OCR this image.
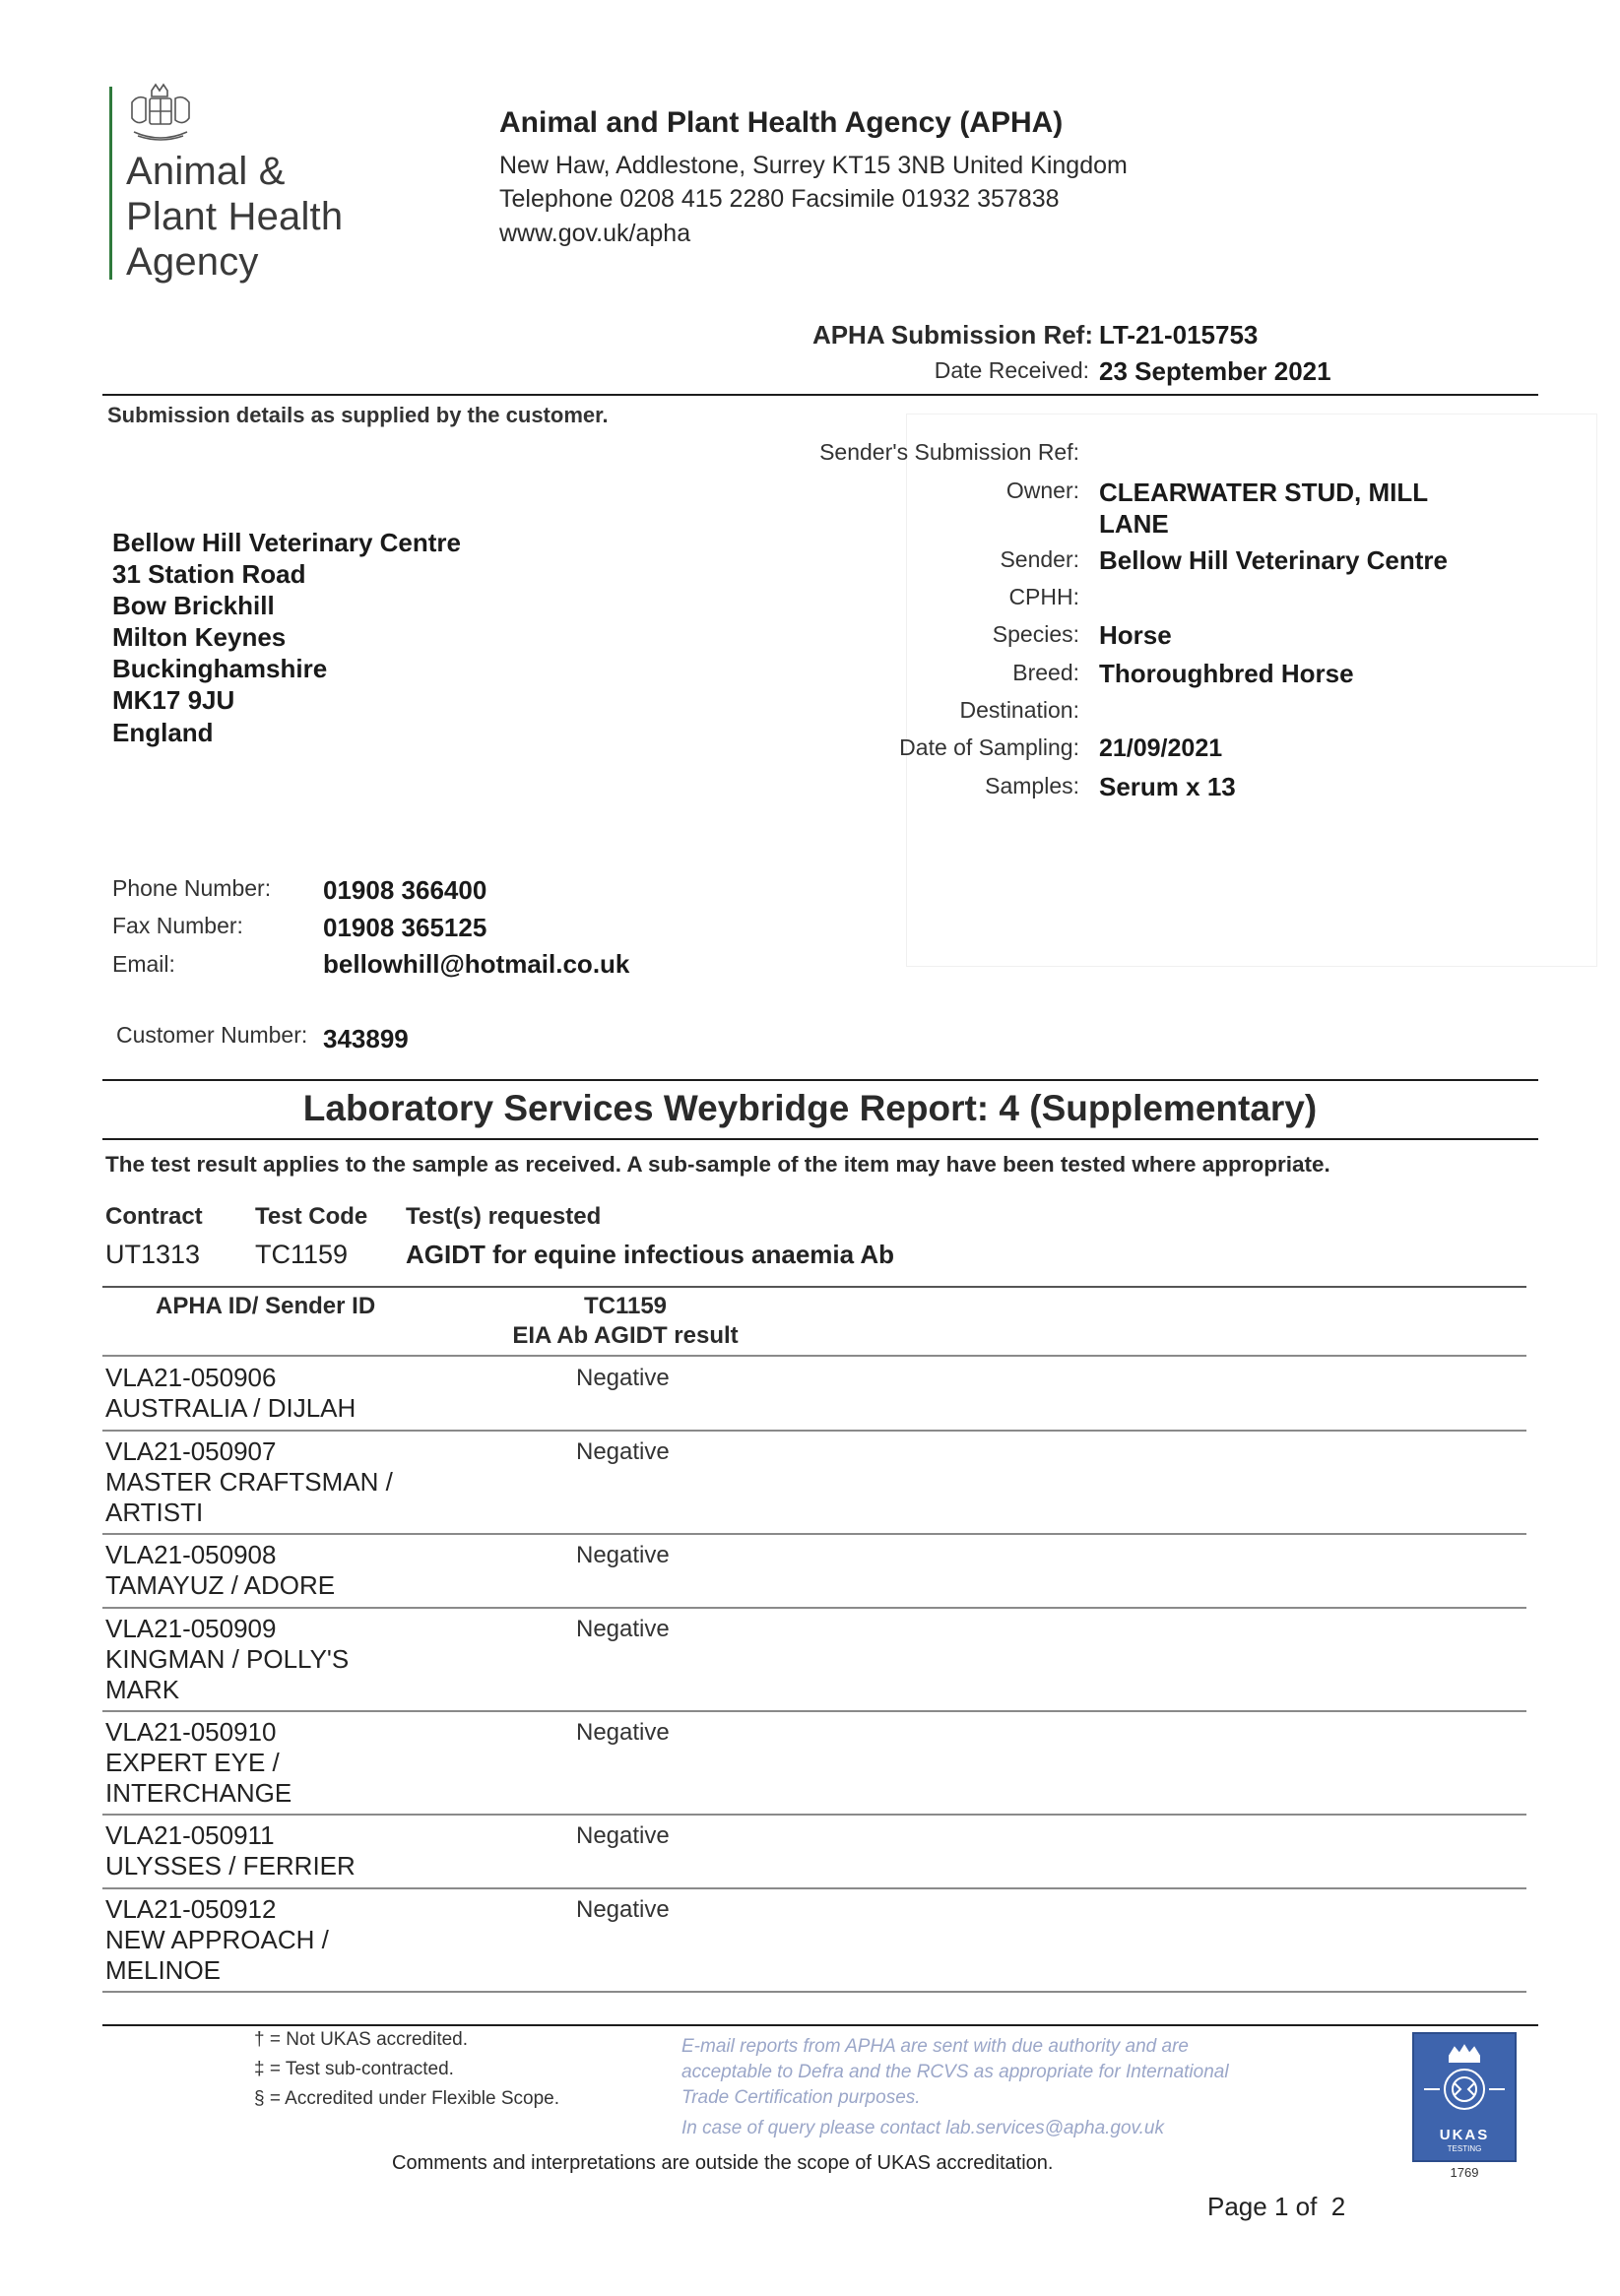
Animal &
Plant Health
Agency
Animal and Plant Health Agency (APHA)
New Haw, Addlestone, Surrey KT15 3NB United Kingdom
Telephone 0208 415 2280 Facsimile 01932 357838
www.gov.uk/apha
APHA Submission Ref: LT-21-015753
Date Received: 23 September 2021
Submission details as supplied by the customer.
Sender's Submission Ref:
Owner: CLEARWATER STUD, MILL LANE
Sender: Bellow Hill Veterinary Centre
CPHH:
Species: Horse
Breed: Thoroughbred Horse
Destination:
Date of Sampling: 21/09/2021
Samples: Serum x 13
Bellow Hill Veterinary Centre
31 Station Road
Bow Brickhill
Milton Keynes
Buckinghamshire
MK17 9JU
England
Phone Number: 01908 366400
Fax Number:	01908 365125
Email:	bellowhill@hotmail.co.uk
Customer Number: 343899
Laboratory Services Weybridge Report: 4 (Supplementary)
The test result applies to the sample as received. A sub-sample of the item may have been tested where appropriate.
Contract Test Code Test(s) requested
UT1313 TC1159 AGIDT for equine infectious anaemia Ab
APHA ID/ Sender ID	TC1159
EIA Ab AGIDT result
VLA21-050906
AUSTRALIA / DIJLAH
Negative
VLA21-050907
MASTER CRAFTSMAN /
ARTISTI
Negative
VLA21-050908
TAMAYUZ / ADORE
Negative
VLA21-050909
KINGMAN / POLLY'S
MARK
Negative
VLA21-050910
EXPERT EYE /
INTERCHANGE
Negative
VLA21-050911
ULYSSES / FERRIER
Negative
VLA21-050912
NEW APPROACH /
MELINOE
Negative
† = Not UKAS accredited.
‡ = Test sub-contracted.
§ = Accredited under Flexible Scope.
E-mail reports from APHA are sent with due authority and are
acceptable to Defra and the RCVS as appropriate for International
Trade Certification purposes.
In case of query please contact lab.services@apha.gov.uk
Comments and interpretations are outside the scope of UKAS accreditation.
UKAS
TESTING
1769
Page 1 of  2
